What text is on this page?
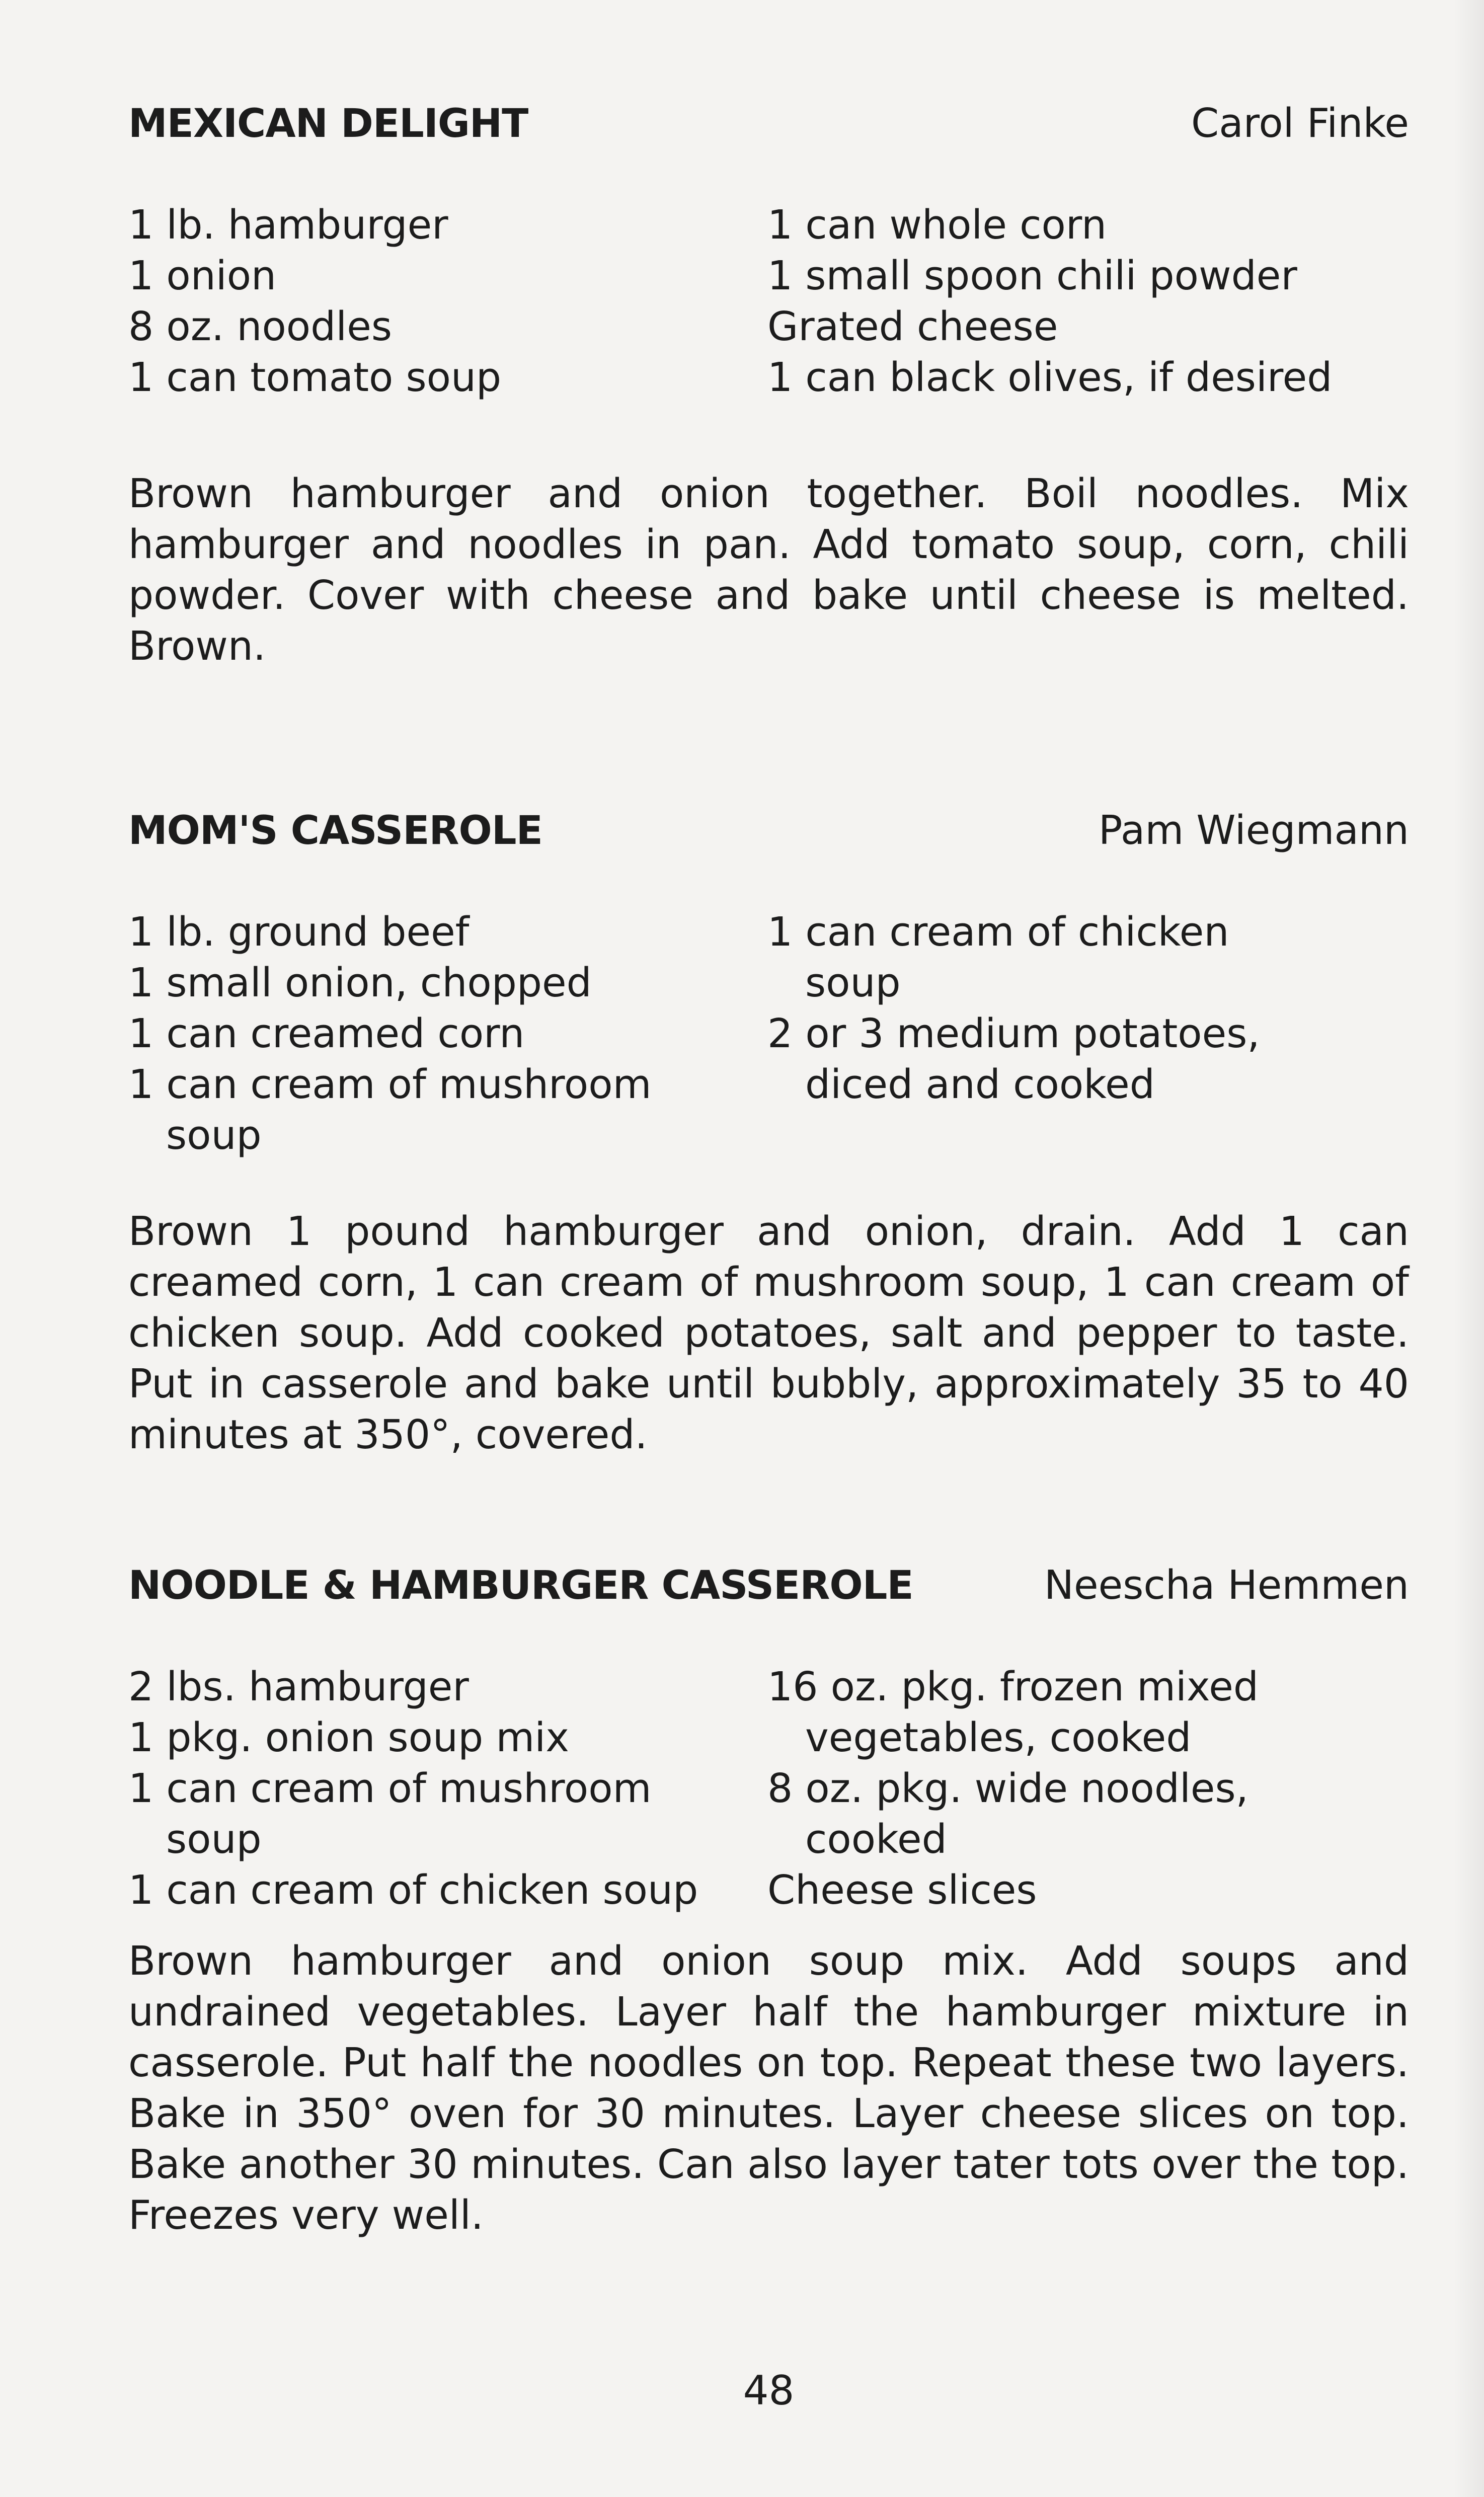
MEXICAN DELIGHT	Carol Finke
1 lb. hamburger
1 onion
8 oz. noodles
1 can tomato soup
1 can whole corn
1 small spoon chili powder
Grated cheese
1 can black olives, if desired
Brown hamburger and onion together. Boil noodles. Mix hamburger and noodles in pan. Add tomato soup, corn, chili powder. Cover with cheese and bake until cheese is melted. Brown.
MOM'S CASSEROLE	Pam Wiegmann
1 lb. ground beef
1 small onion, chopped
1 can creamed corn
1 can cream of mushroom
soup
1 can cream of chicken
soup
2 or 3 medium potatoes,
diced and cooked
Brown 1 pound hamburger and onion, drain. Add 1 can creamed corn, 1 can cream of mushroom soup, 1 can cream of chicken soup. Add cooked potatoes, salt and pepper to taste. Put in casserole and bake until bubbly, approximately 35 to 40 minutes at 350°, covered.
NOODLE & HAMBURGER CASSEROLE	Neescha Hemmen
2 lbs. hamburger
1 pkg. onion soup mix
1 can cream of mushroom
soup
1 can cream of chicken soup
16 oz. pkg. frozen mixed
vegetables, cooked
8 oz. pkg. wide noodles,
cooked
Cheese slices
Brown hamburger and onion soup mix. Add soups and undrained vegetables. Layer half the hamburger mixture in casserole. Put half the noodles on top. Repeat these two layers. Bake in 350° oven for 30 minutes. Layer cheese slices on top. Bake another 30 minutes. Can also layer tater tots over the top. Freezes very well.
48
